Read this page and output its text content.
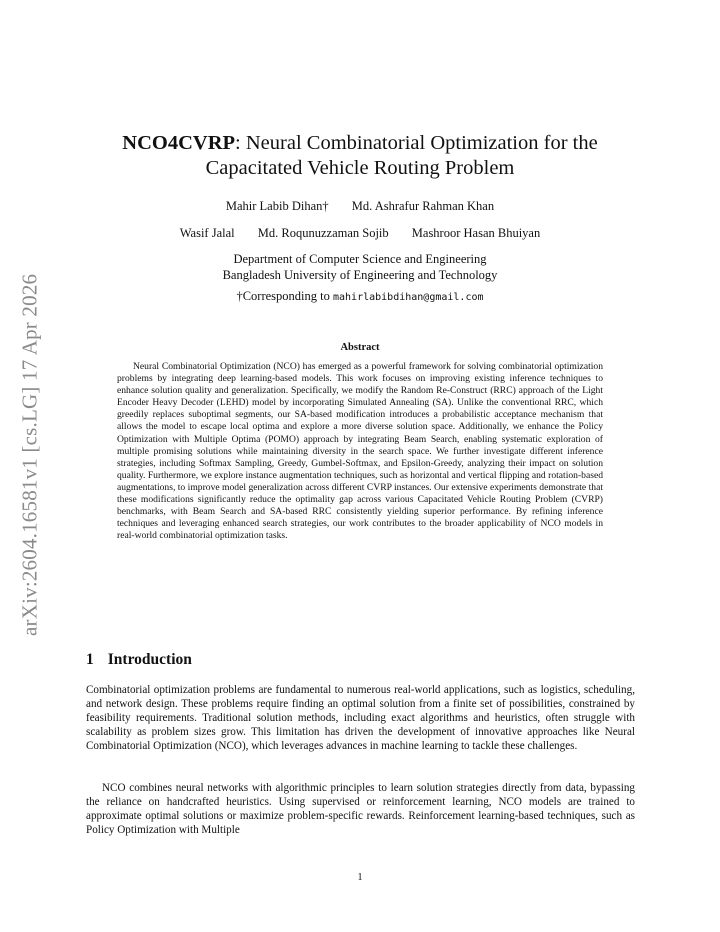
arXiv:2604.16581v1 [cs.LG] 17 Apr 2026
NCO4CVRP: Neural Combinatorial Optimization for the Capacitated Vehicle Routing Problem
Mahir Labib Dihan† Md. Ashrafur Rahman Khan
Wasif Jalal Md. Roqunuzzaman Sojib Mashroor Hasan Bhuiyan
Department of Computer Science and Engineering
Bangladesh University of Engineering and Technology
†Corresponding to mahirlabibdihan@gmail.com
Abstract
Neural Combinatorial Optimization (NCO) has emerged as a powerful framework for solving combinatorial optimization problems by integrating deep learning-based models. This work focuses on improving existing inference techniques to enhance solution quality and generalization. Specifically, we modify the Random Re-Construct (RRC) approach of the Light Encoder Heavy Decoder (LEHD) model by incorporating Simulated Annealing (SA). Unlike the conventional RRC, which greedily replaces suboptimal segments, our SA-based modification introduces a probabilistic acceptance mechanism that allows the model to escape local optima and explore a more diverse solution space. Additionally, we enhance the Policy Optimization with Multiple Optima (POMO) approach by integrating Beam Search, enabling systematic exploration of multiple promising solutions while maintaining diversity in the search space. We further investigate different inference strategies, including Softmax Sampling, Greedy, Gumbel-Softmax, and Epsilon-Greedy, analyzing their impact on solution quality. Furthermore, we explore instance augmentation techniques, such as horizontal and vertical flipping and rotation-based augmentations, to improve model generalization across different CVRP instances. Our extensive experiments demonstrate that these modifications significantly reduce the optimality gap across various Capacitated Vehicle Routing Problem (CVRP) benchmarks, with Beam Search and SA-based RRC consistently yielding superior performance. By refining inference techniques and leveraging enhanced search strategies, our work contributes to the broader applicability of NCO models in real-world combinatorial optimization tasks.
1 Introduction
Combinatorial optimization problems are fundamental to numerous real-world applications, such as logistics, scheduling, and network design. These problems require finding an optimal solution from a finite set of possibilities, constrained by feasibility requirements. Traditional solution methods, including exact algorithms and heuristics, often struggle with scalability as problem sizes grow. This limitation has driven the development of innovative approaches like Neural Combinatorial Optimization (NCO), which leverages advances in machine learning to tackle these challenges.
NCO combines neural networks with algorithmic principles to learn solution strategies directly from data, bypassing the reliance on handcrafted heuristics. Using supervised or reinforcement learning, NCO models are trained to approximate optimal solutions or maximize problem-specific rewards. Reinforcement learning-based techniques, such as Policy Optimization with Multiple
1
